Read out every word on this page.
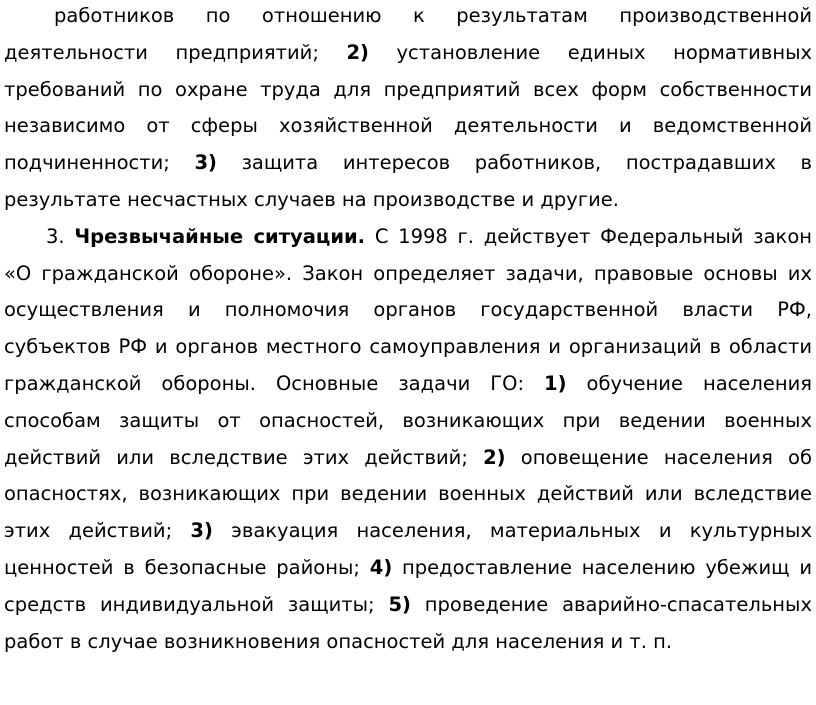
работников по отношению к результатам производственной деятельности предприятий; 2) установление единых нормативных требований по охране труда для предприятий всех форм собственности независимо от сферы хозяйственной деятельности и ведомственной подчиненности; 3) защита интересов работников, пострадавших в результате несчастных случаев на производстве и другие.

3. Чрезвычайные ситуации. С 1998 г. действует Федеральный закон «О гражданской обороне». Закон определяет задачи, правовые основы их осуществления и полномочия органов государственной власти РФ, субъектов РФ и органов местного самоуправления и организаций в области гражданской обороны. Основные задачи ГО: 1) обучение населения способам защиты от опасностей, возникающих при ведении военных действий или вследствие этих действий; 2) оповещение населения об опасностях, возникающих при ведении военных действий или вследствие этих действий; 3) эвакуация населения, материальных и культурных ценностей в безопасные районы; 4) предоставление населению убежищ и средств индивидуальной защиты; 5) проведение аварийно-спасательных работ в случае возникновения опасностей для населения и т. п.
